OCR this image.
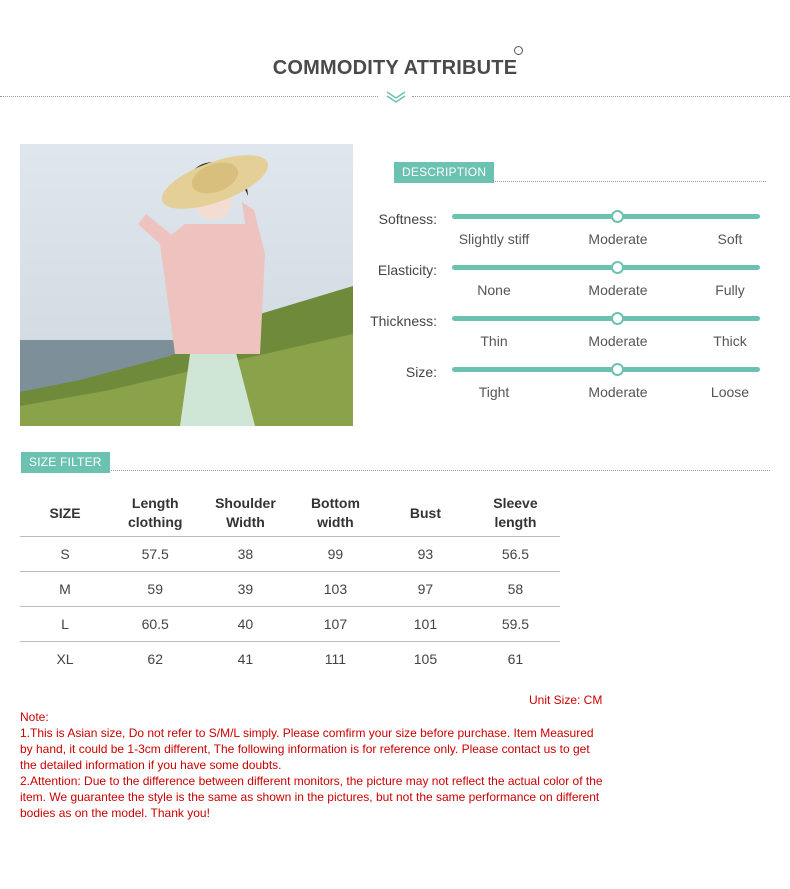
COMMODITY ATTRIBUTE
DESCRIPTION
Softness:
Slightly stiff	Moderate	Soft
Elasticity:
None	Moderate	Fully
Thickness:
Thin	Moderate	Thick
Size:
Tight	Moderate	Loose
SIZE FILTER
SIZE	Length clothing	Shoulder Width	Bottom width	Bust	Sleeve length
S	57.5	38	99	93	56.5
M	59	39	103	97	58
L	60.5	40	107	101	59.5
XL	62	41	111	105	61
Unit Size: CM

Note:

1.This is Asian size, Do not refer to S/M/L simply. Please comfirm your size before purchase. Item Measured by hand, it could be 1-3cm different, The following information is for reference only. Please contact us to get the detailed information if you have some doubts.

2.Attention: Due to the difference between different monitors, the picture may not reflect the actual color of the item. We guarantee the style is the same as shown in the pictures, but not the same performance on different bodies as on the model. Thank you!
